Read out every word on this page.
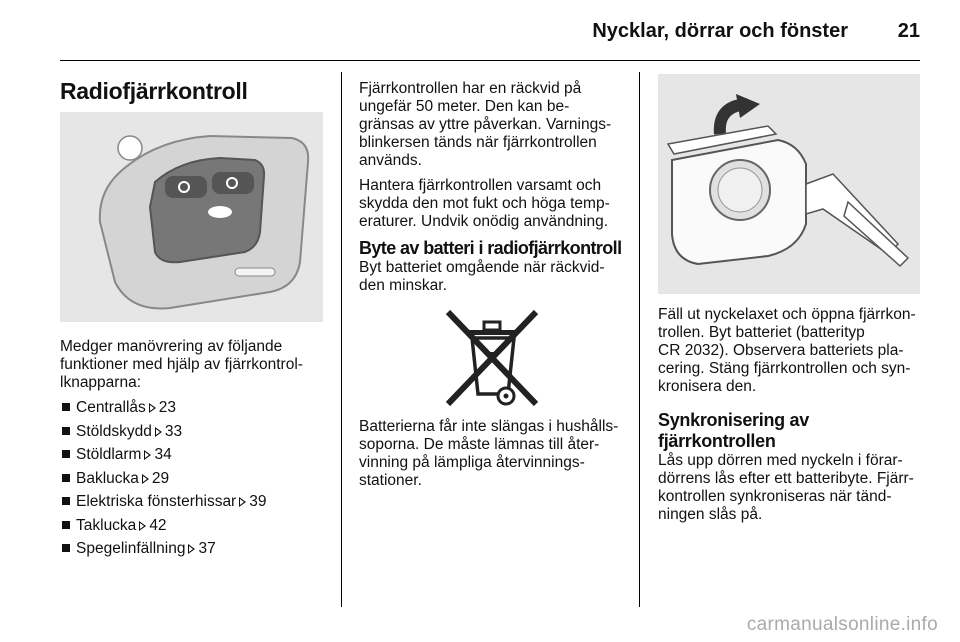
Nycklar, dörrar och fönster 21
Radiofjärrkontroll

Medger manövrering av följande
funktioner med hjälp av fjärrkontrol-
lknapparna:

Centrallås 23
Stöldskydd 33
Stöldlarm 34
Baklucka 29
Elektriska fönsterhissar 39
Taklucka 42
Spegelinfällning 37

Fjärrkontrollen har en räckvid på
ungefär 50 meter. Den kan be-
gränsas av yttre påverkan. Varnings-
blinkersen tänds när fjärrkontrollen
används.

Hantera fjärrkontrollen varsamt och
skydda den mot fukt och höga temp-
eraturer. Undvik onödig användning.

Byte av batteri i radiofjärrkontroll

Byt batteriet omgående när räckvid-
den minskar.

Batterierna får inte slängas i hushålls-
soporna. De måste lämnas till åter-
vinning på lämpliga återvinnings-
stationer.

Fäll ut nyckelaxet och öppna fjärrkon-
trollen. Byt batteriet (batterityp
CR 2032). Observera batteriets pla-
cering. Stäng fjärrkontrollen och syn-
kronisera den.

Synkronisering av
fjärrkontrollen

Lås upp dörren med nyckeln i förar-
dörrens lås efter ett batteribyte. Fjärr-
kontrollen synkroniseras när tänd-
ningen slås på.

carmanualsonline.info
